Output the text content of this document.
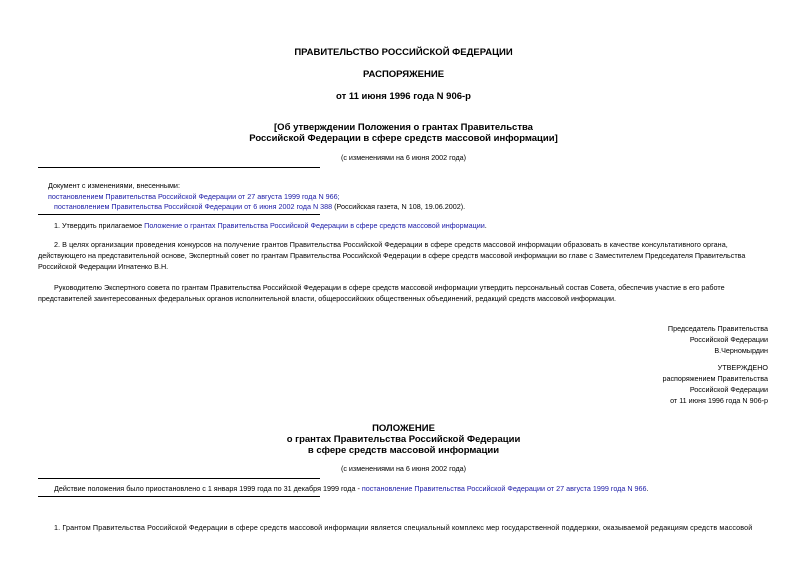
ПРАВИТЕЛЬСТВО РОССИЙСКОЙ ФЕДЕРАЦИИ
РАСПОРЯЖЕНИЕ
от 11 июня 1996 года N 906-р
[Об утверждении Положения о грантах Правительства
Российской Федерации в сфере средств массовой информации]
(с изменениями на 6 июня 2002 года)
Документ с изменениями, внесенными:
постановлением Правительства Российской Федерации от 27 августа 1999 года N 966;
постановлением Правительства Российской Федерации от 6 июня 2002 года N 388 (Российская газета, N 108, 19.06.2002).
1. Утвердить прилагаемое Положение о грантах Правительства Российской Федерации в сфере средств массовой информации.
2. В целях организации проведения конкурсов на получение грантов Правительства Российской Федерации в сфере средств массовой информации образовать в качестве консультативного органа,
действующего на представительной основе, Экспертный совет по грантам Правительства Российской Федерации в сфере средств массовой информации во главе с Заместителем Председателя Правительства
Российской Федерации Игнатенко В.Н.
Руководителю Экспертного совета по грантам Правительства Российской Федерации в сфере средств массовой информации утвердить персональный состав Совета, обеспечив участие в его работе
представителей заинтересованных федеральных органов исполнительной власти, общероссийских общественных объединений, редакций средств массовой информации.
Председатель Правительства
Российской Федерации
В.Черномырдин
УТВЕРЖДЕНО
распоряжением Правительства
Российской Федерации
от 11 июня 1996 года N 906-р
ПОЛОЖЕНИЕ
о грантах Правительства Российской Федерации
в сфере средств массовой информации
(с изменениями на 6 июня 2002 года)
Действие положения было приостановлено с 1 января 1999 года по 31 декабря 1999 года - постановление Правительства Российской Федерации от 27 августа 1999 года N 966.
1. Грантом Правительства Российской Федерации в сфере средств массовой информации является специальный комплекс мер государственной поддержки, оказываемой редакциям средств массовой
